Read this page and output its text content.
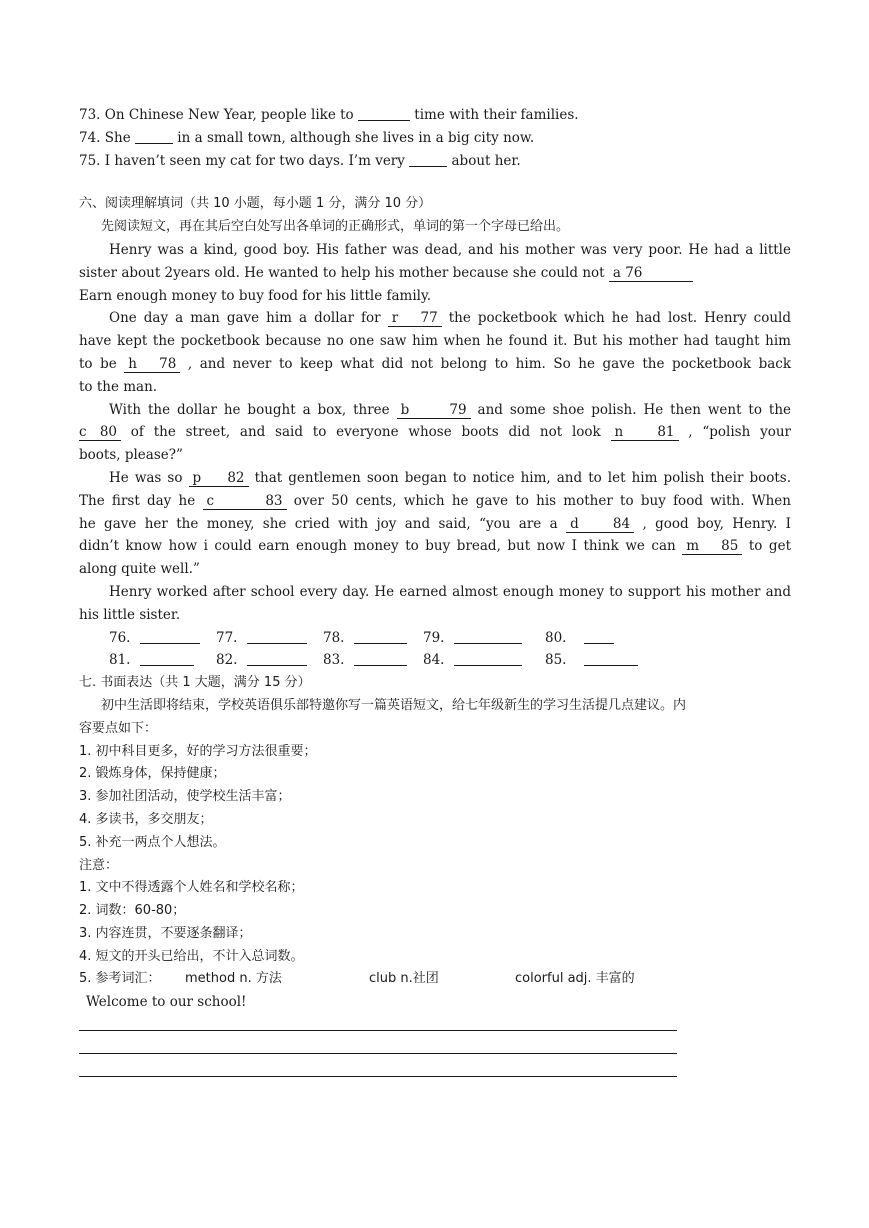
73. On Chinese New Year, people like to	time with their families.
74. She	in a small town, although she lives in a big city now.
75. I haven’t seen my cat for two days. I’m very	about her.
六、阅读理解填词（共 10 小题，每小题 1 分，满分 10 分）
先阅读短文，再在其后空白处写出各单词的正确形式，单词的第一个字母已给出。
Henry was a kind, good boy. His father was dead, and his mother was very poor. He had a little
sister about 2years old. He wanted to help his mother because she could not a 76
Earn enough money to buy food for his little family.
One day a man gave him a dollar for r 77 the pocketbook which he had lost. Henry could
have kept the pocketbook because no one saw him when he found it. But his mother had taught him
to be h 78 , and never to keep what did not belong to him. So he gave the pocketbook back
to the man.
With the dollar he bought a box, three b 79 and some shoe polish. He then went to the
c 80 of the street, and said to everyone whose boots did not look n 81 , “polish your
boots, please?”
He was so p 82 that gentlemen soon began to notice him, and to let him polish their boots.
The first day he c 83 over 50 cents, which he gave to his mother to buy food with. When
he gave her the money, she cried with joy and said, “you are a d 84 , good boy, Henry. I
didn’t know how i could earn enough money to buy bread, but now I think we can m 85 to get
along quite well.”
Henry worked after school every day. He earned almost enough money to support his mother and
his little sister.
76.	77.	78.	79.	80.
81.	82.	83.	84.	85.
七. 书面表达（共 1 大题，满分 15 分）
初中生活即将结束，学校英语俱乐部特邀你写一篇英语短文，给七年级新生的学习生活提几点建议。内
容要点如下：
1. 初中科目更多，好的学习方法很重要；
2. 锻炼身体，保持健康；
3. 参加社团活动，使学校生活丰富；
4. 多读书，多交朋友；
5. 补充一两点个人想法。
注意：
1. 文中不得透露个人姓名和学校名称；
2. 词数：60-80；
3. 内容连贯，不要逐条翻译；
4. 短文的开头已给出，不计入总词数。
5. 参考词汇： method n. 方法	club n.社团	colorful adj. 丰富的
Welcome to our school!
